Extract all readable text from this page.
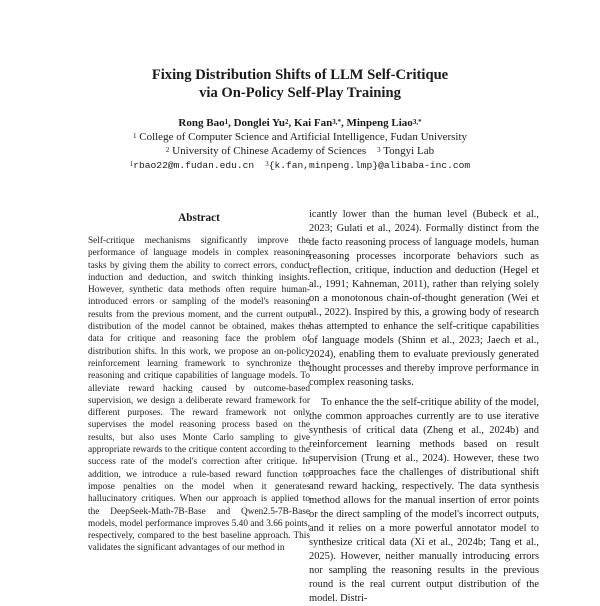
Fixing Distribution Shifts of LLM Self-Critique
via On-Policy Self-Play Training
Rong Bao$^1$, Donglei Yu$^2$, Kai Fan$^{3,*}$, Minpeng Liao$^{3,*}$
$^1$ College of Computer Science and Artificial Intelligence, Fudan University
$^2$ University of Chinese Academy of Sciences $^3$ Tongyi Lab
$^1$rbao22@m.fudan.edu.cn $^3${k.fan,minpeng.lmp}@alibaba-inc.com
Abstract
Self-critique mechanisms significantly improve the performance of language models in complex reasoning tasks by giving them the ability to correct errors, conduct induction and deduction, and switch thinking insights. However, synthetic data methods often require human-introduced errors or sampling of the model's reasoning results from the previous moment, and the current output distribution of the model cannot be obtained, makes the data for critique and reasoning face the problem of distribution shifts. In this work, we propose an on-policy reinforcement learning framework to synchronize the reasoning and critique capabilities of language models. To alleviate reward hacking caused by outcome-based supervision, we design a deliberate reward framework for different purposes. The reward framework not only supervises the model reasoning process based on the results, but also uses Monte Carlo sampling to give appropriate rewards to the critique content according to the success rate of the model's correction after critique. In addition, we introduce a rule-based reward function to impose penalties on the model when it generates hallucinatory critiques. When our approach is applied to the DeepSeek-Math-7B-Base and Qwen2.5-7B-Base models, model performance improves 5.40 and 3.66 points, respectively, compared to the best baseline approach. This validates the significant advantages of our method in

icantly lower than the human level (Bubeck et al., 2023; Gulati et al., 2024). Formally distinct from the de facto reasoning process of language models, human reasoning processes incorporate behaviors such as reflection, critique, induction and deduction (Hegel et al., 1991; Kahneman, 2011), rather than relying solely on a monotonous chain-of-thought generation (Wei et al., 2022). Inspired by this, a growing body of research has attempted to enhance the self-critique capabilities of language models (Shinn et al., 2023; Jaech et al., 2024), enabling them to evaluate previously generated thought processes and thereby improve performance in complex reasoning tasks.

To enhance the the self-critique ability of the model, the common approaches currently are to use iterative synthesis of critical data (Zheng et al., 2024b) and reinforcement learning methods based on result supervision (Trung et al., 2024). However, these two approaches face the challenges of distributional shift and reward hacking, respectively. The data synthesis method allows for the manual insertion of error points or the direct sampling of the model's incorrect outputs, and it relies on a more powerful annotator model to synthesize critical data (Xi et al., 2024b; Tang et al., 2025). However, neither manually introducing errors nor sampling the reasoning results in the previous round is the real current output distribution of the model. Distri-
